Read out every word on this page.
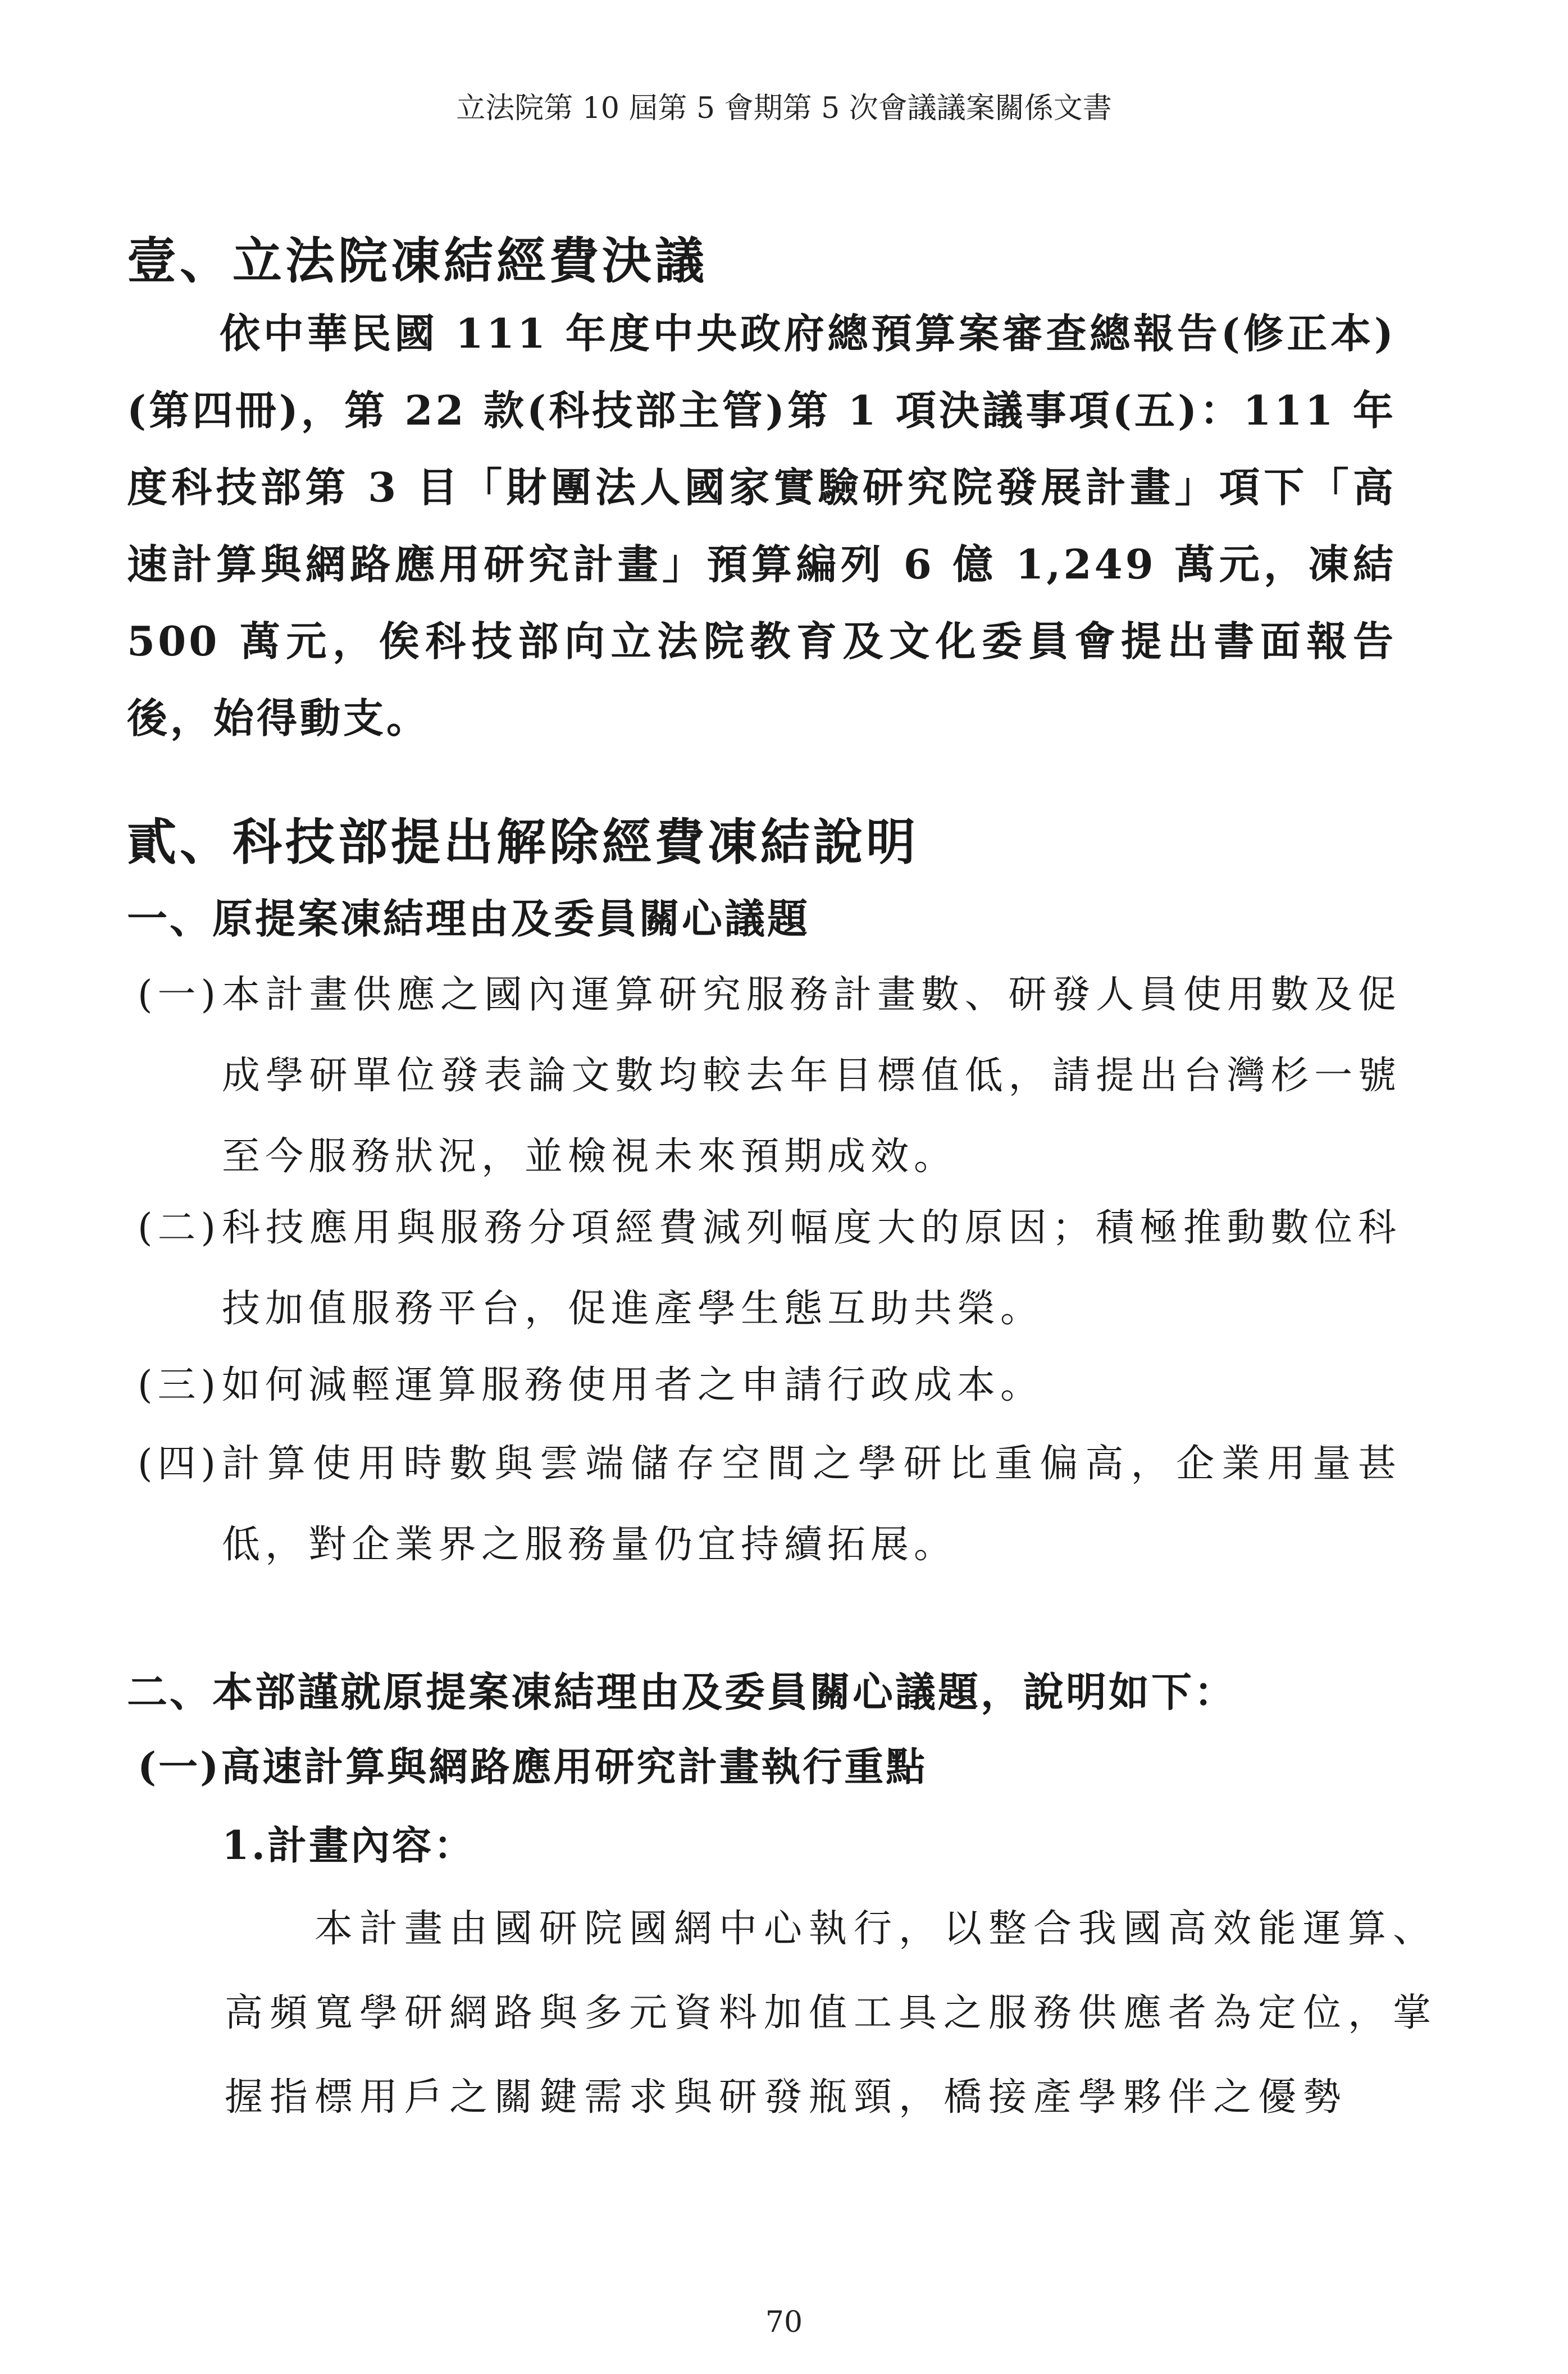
立法院第 10 屆第 5 會期第 5 次會議議案關係文書
壹、立法院凍結經費決議
依中華民國 111 年度中央政府總預算案審查總報告(修正本)(第四冊)，第 22 款(科技部主管)第 1 項決議事項(五)：111 年度科技部第 3 目「財團法人國家實驗研究院發展計畫」項下「高速計算與網路應用研究計畫」預算編列 6 億 1,249 萬元，凍結 500 萬元，俟科技部向立法院教育及文化委員會提出書面報告後，始得動支。
貳、科技部提出解除經費凍結說明
一、原提案凍結理由及委員關心議題
(一) 本計畫供應之國內運算研究服務計畫數、研發人員使用數及促成學研單位發表論文數均較去年目標值低，請提出台灣杉一號至今服務狀況，並檢視未來預期成效。
(二) 科技應用與服務分項經費減列幅度大的原因；積極推動數位科技加值服務平台，促進產學生態互助共榮。
(三) 如何減輕運算服務使用者之申請行政成本。
(四) 計算使用時數與雲端儲存空間之學研比重偏高，企業用量甚低，對企業界之服務量仍宜持續拓展。
二、本部謹就原提案凍結理由及委員關心議題，說明如下：
(一)高速計算與網路應用研究計畫執行重點
1.計畫內容：
本計畫由國研院國網中心執行，以整合我國高效能運算、高頻寬學研網路與多元資料加值工具之服務供應者為定位，掌握指標用戶之關鍵需求與研發瓶頸，橋接產學夥伴之優勢
70
